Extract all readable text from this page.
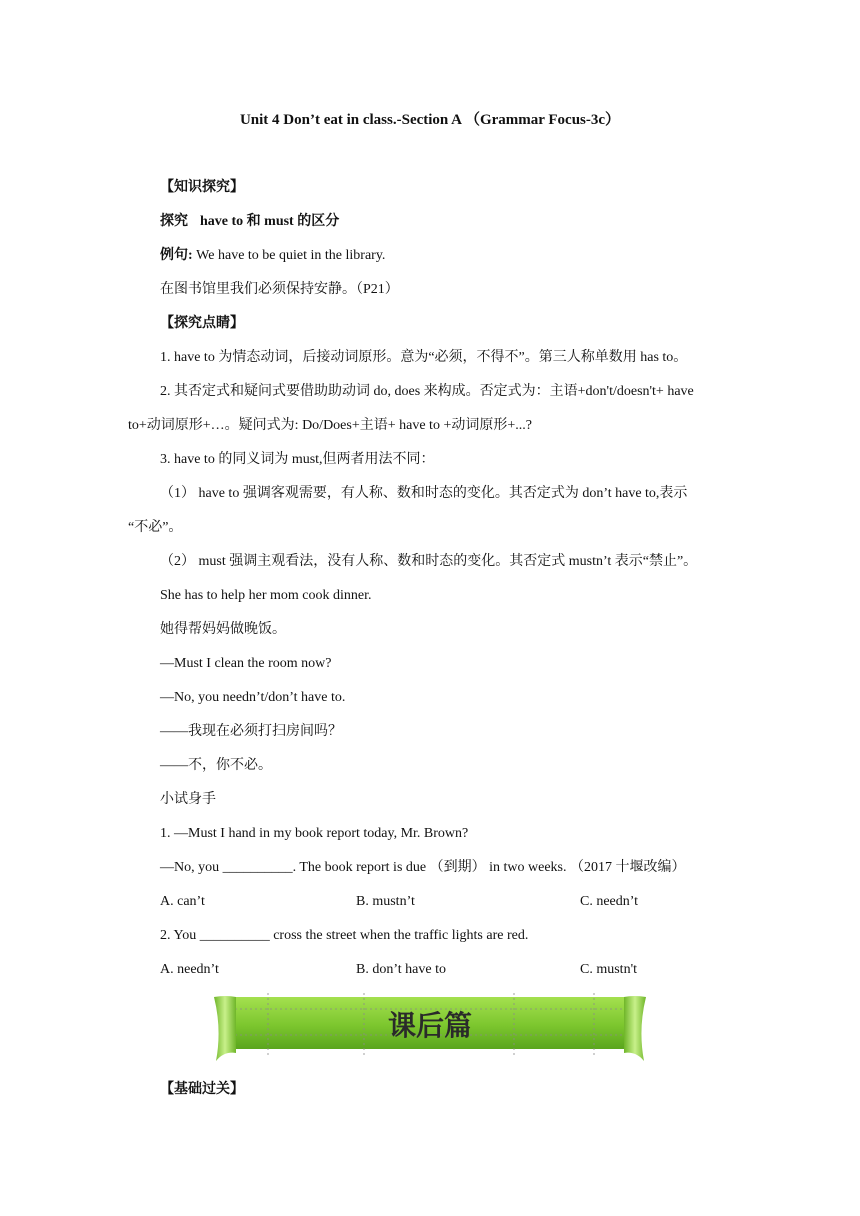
Unit 4 Don’t eat in class.-Section A （Grammar Focus-3c）
【知识探究】
探究 have to 和 must 的区分
例句: We have to be quiet in the library.
在图书馆里我们必须保持安静。（P21）
【探究点睛】
1. have to 为情态动词，后接动词原形。意为“必须，不得不”。第三人称单数用 has to。
2. 其否定式和疑问式要借助助动词 do, does 来构成。否定式为：主语+don't/doesn't+ have
to+动词原形+…。疑问式为: Do/Does+主语+ have to +动词原形+...?
3. have to 的同义词为 must,但两者用法不同：
（1） have to 强调客观需要，有人称、数和时态的变化。其否定式为 don’t have to,表示
“不必”。
（2） must 强调主观看法，没有人称、数和时态的变化。其否定式 mustn’t 表示“禁止”。
She has to help her mom cook dinner.
她得帮妈妈做晚饭。
—Must I clean the room now?
—No, you needn’t/don’t have to.
——我现在必须打扫房间吗？
——不，你不必。
小试身手
1. —Must I hand in my book report today, Mr. Brown?
—No, you __________. The book report is due （到期） in two weeks. （2017 十堰改编）
A. can’t	B. mustn’t	C. needn’t
2. You __________ cross the street when the traffic lights are red.
A. needn’t	B. don’t have to	C. mustn't
课后篇
【基础过关】
